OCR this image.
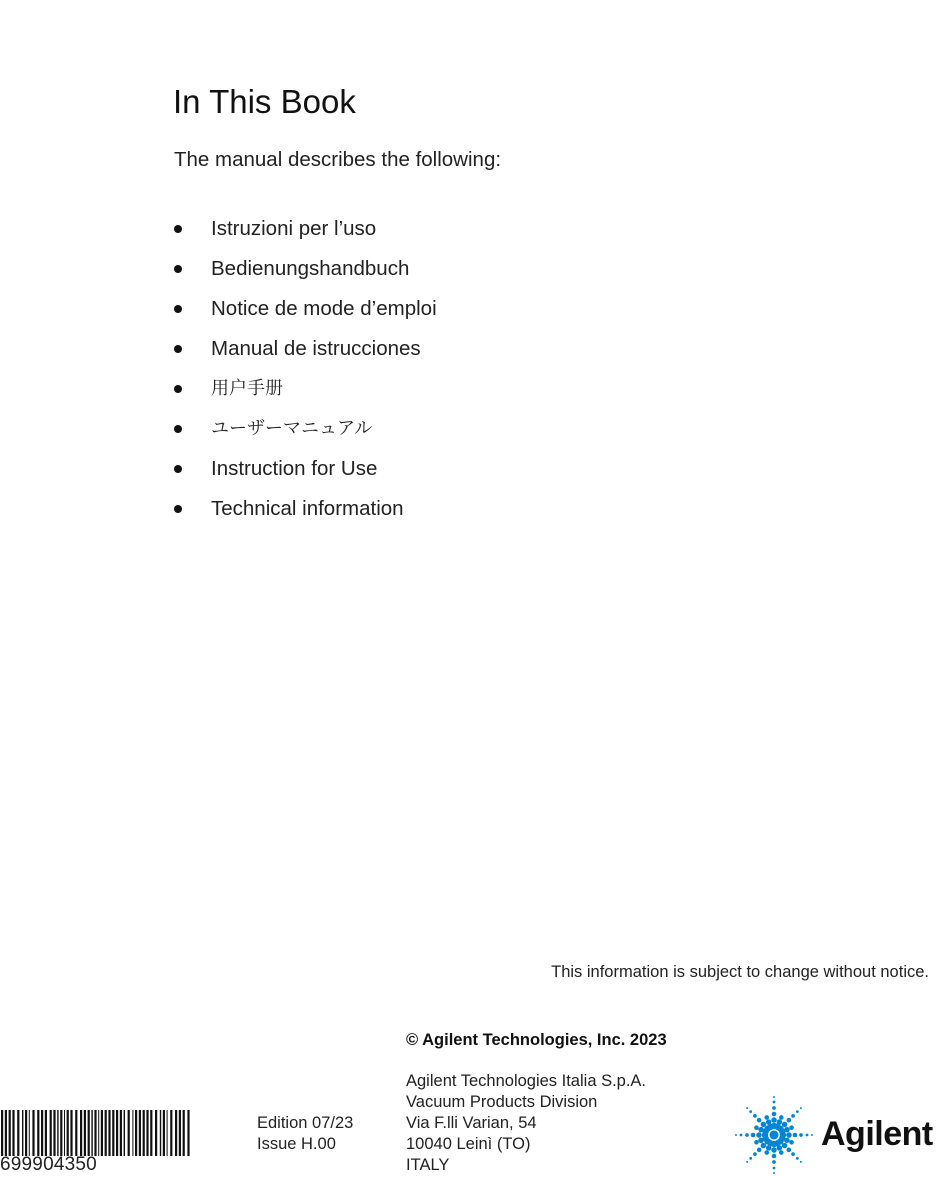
In This Book

The manual describes the following:

Istruzioni per l’uso
Bedienungshandbuch
Notice de mode d’emploi
Manual de istrucciones
用户手册
ユーザーマニュアル
Instruction for Use
Technical information

This information is subject to change without notice.

© Agilent Technologies, Inc. 2023

Agilent Technologies Italia S.p.A.
Vacuum Products Division
Via F.lli Varian, 54
10040 Leinì (TO)
ITALY

Edition 07/23
Issue H.00
699904350
Agilent
